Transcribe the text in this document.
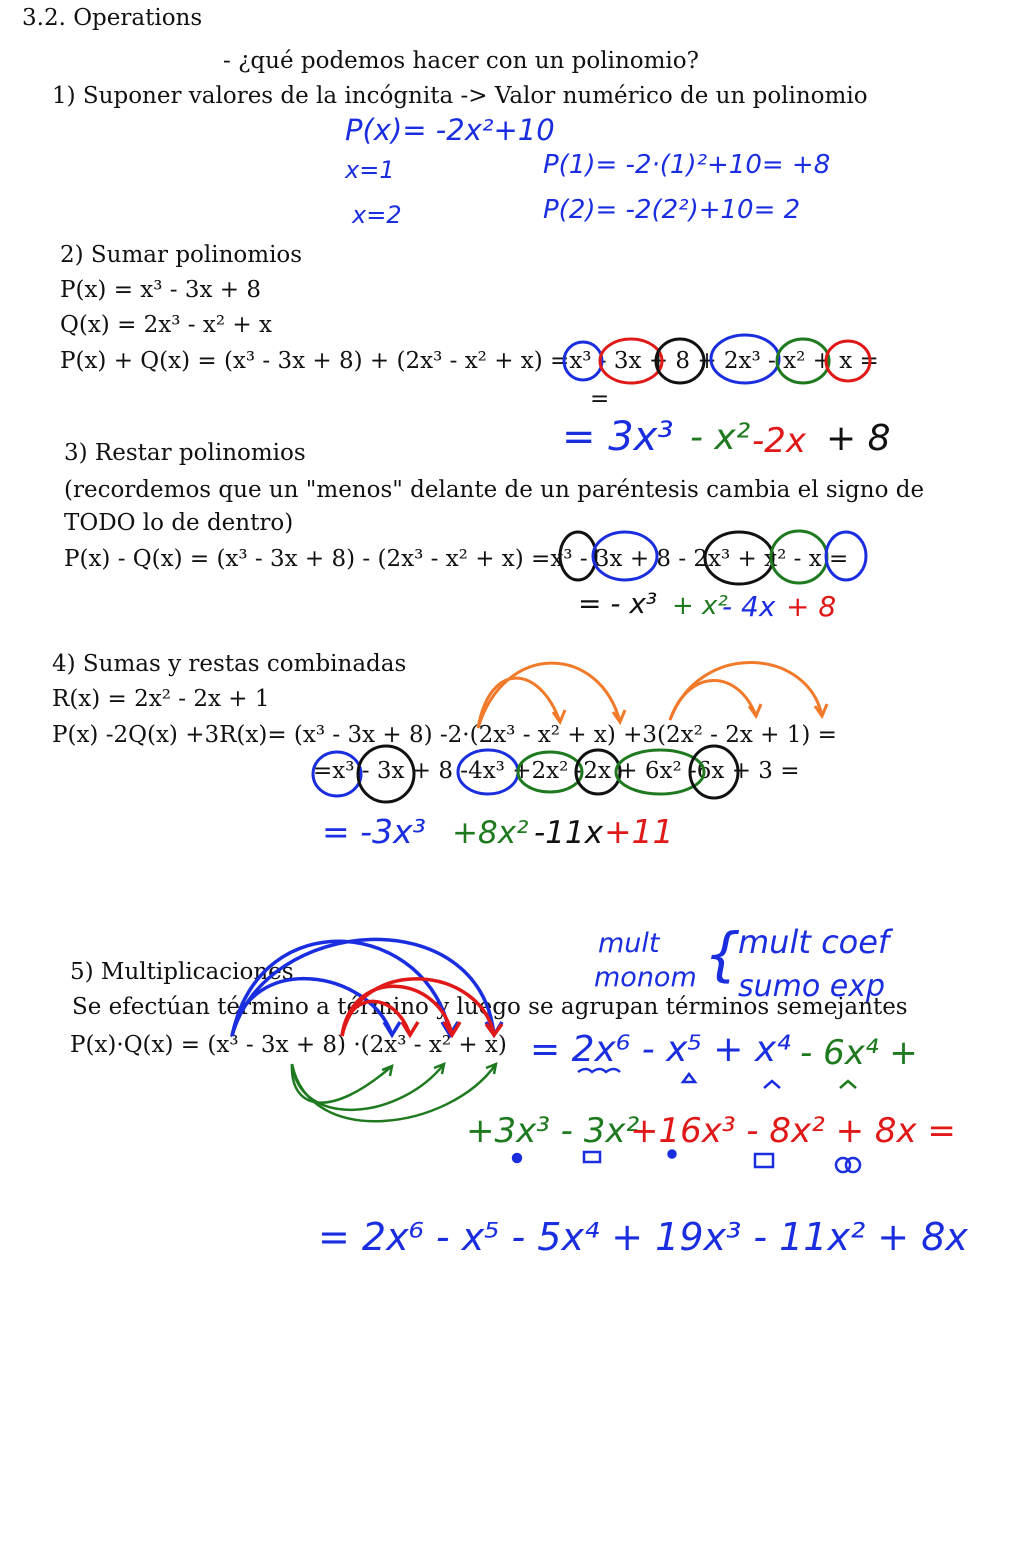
3.2. Operations
- ¿qué podemos hacer con un polinomio?
1) Suponer valores de la incógnita -> Valor numérico de un polinomio
2) Sumar polinomios
P(x) = x³ - 3x + 8
Q(x) = 2x³ - x² + x
P(x) + Q(x) = (x³ - 3x + 8) + (2x³ - x² + x) =x³ - 3x + 8 + 2x³ - x² + x =
=
3) Restar polinomios
(recordemos que un "menos" delante de un paréntesis cambia el signo de
TODO lo de dentro)
P(x) - Q(x) = (x³ - 3x + 8) - (2x³ - x² + x) =x³ - 3x + 8 - 2x³ + x² - x =
4) Sumas y restas combinadas
R(x) = 2x² - 2x + 1
P(x) -2Q(x) +3R(x)= (x³ - 3x + 8) -2·(2x³ - x² + x) +3(2x² - 2x + 1) =
=x³ - 3x + 8 -4x³ +2x² -2x + 6x² -6x + 3 =
5) Multiplicaciones
Se efectúan término a término y luego se agrupan términos semejantes
P(x)·Q(x) = (x³ - 3x + 8) ·(2x³ - x² + x)
P(x)= -2x²+10
x=1	P(1)= -2·(1)²+10= +8
x=2	P(2)= -2(2²)+10= 2
= 3x³ - x² -2x + 8
= - x³ + x²
- 4x + 8
= -3x³ +8x² -11x +11
mult
monom {
mult coef
sumo exp
= 2x⁶ - x⁵ + x⁴ - 6x⁴ +
+3x³ - 3x²
+16x³ - 8x² + 8x =
= 2x⁶ - x⁵ - 5x⁴ + 19x³ - 11x² + 8x
